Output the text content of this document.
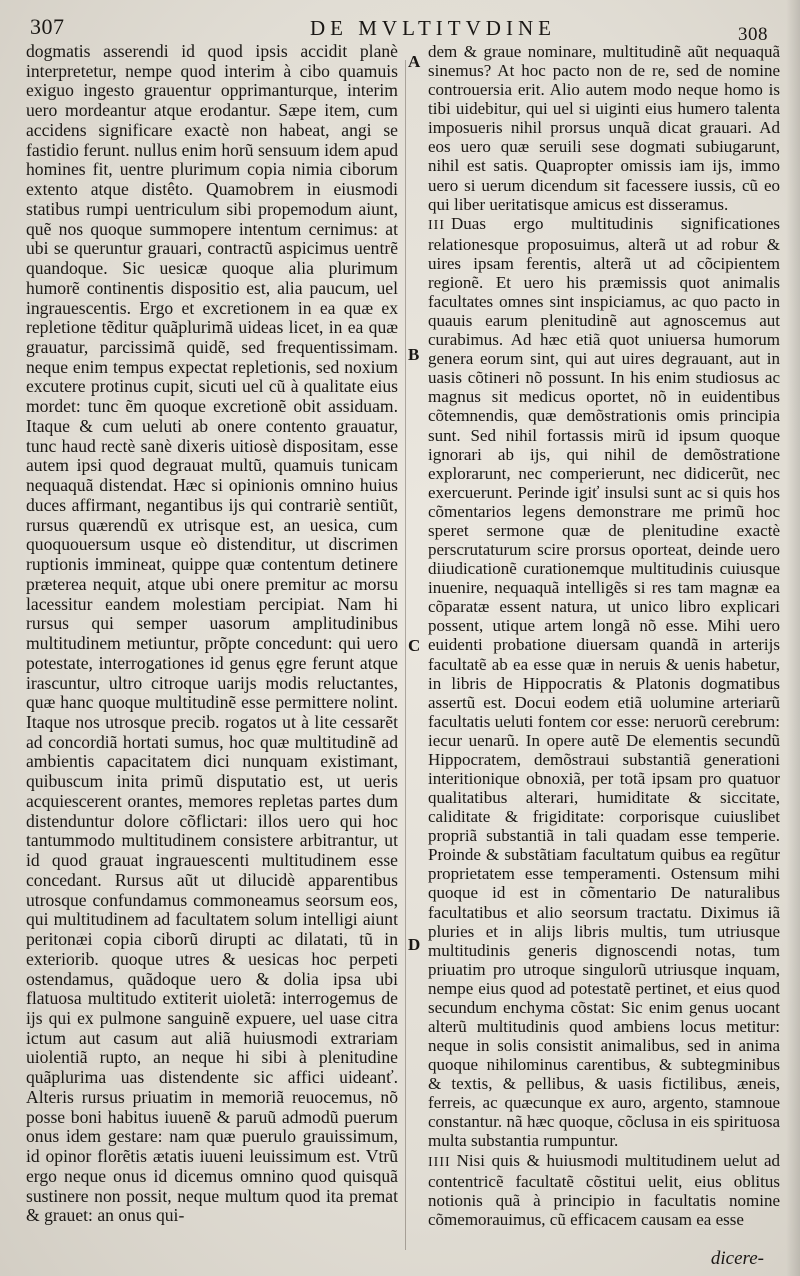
307	DE MVLTITVDINE	308

dogmatis asserendi id quod ipsis accidit planè interpretetur, nempe quod interim à cibo quamuis exiguo ingesto grauentur opprimanturque, interim uero mordeantur atque erodantur. Sæpe item, cum accidens significare exactè non habeat, angi se fastidio ferunt. nullus enim horũ sensuum idem apud homines fit, uentre plurimum copia nimia ciborum extento atque distêto. Quamobrem in eiusmodi statibus rumpi uentriculum sibi propemodum aiunt, quẽ nos quoque summopere intentum cernimus: at ubi se queruntur grauari, contractũ aspicimus uentrẽ quandoque. Sic uesicæ quoque alia plurimum humorẽ continentis dispositio est, alia paucum, uel ingrauescentis. Ergo et excretionem in ea quæ ex repletione tẽditur quãplurimã uideas licet, in ea quæ grauatur, parcissimã quidẽ, sed frequentissimam. neque enim tempus expectat repletionis, sed noxium excutere protinus cupit, sicuti uel cũ à qualitate eius mordet: tunc ẽm quoque excretionẽ obit assiduam. Itaque & cum ueluti ab onere contento grauatur, tunc haud rectè sanè dixeris uitiosè dispositam, esse autem ipsi quod degrauat multũ, quamuis tunicam nequaquã distendat. Hæc si opinionis omnino huius duces affirmant, negantibus ijs qui contrariè sentiũt, rursus quærendũ ex utrisque est, an uesica, cum quoquouersum usque eò distenditur, ut discrimen ruptionis immineat, quippe quæ contentum detinere præterea nequit, atque ubi onere premitur ac morsu lacessitur eandem molestiam percipiat. Nam hi rursus qui semper uasorum amplitudinibus multitudinem metiuntur, prõpte concedunt: qui uero potestate, interrogationes id genus ęgre ferunt atque irascuntur, ultro citroque uarijs modis reluctantes, quæ hanc quoque multitudinẽ esse permittere nolint. Itaque nos utrosque precib. rogatos ut à lite cessarẽt ad concordiã hortati sumus, hoc quæ multitudinẽ ad ambientis capacitatem dici nunquam existimant, quibuscum inita primũ disputatio est, ut ueris acquiescerent orantes, memores repletas partes dum distenduntur dolore cõflictari: illos uero qui hoc tantummodo multitudinem consistere arbitrantur, ut id quod grauat ingrauescenti multitudinem esse concedant. Rursus aũt ut dilucidè apparentibus utrosque confundamus commoneamus seorsum eos, qui multitudinem ad facultatem solum intelligi aiunt peritonæi copia ciborũ dirupti ac dilatati, tũ in exteriorib. quoque utres & uesicas hoc perpeti ostendamus, quãdoque uero & dolia ipsa ubi flatuosa multitudo extiterit uioletã: interrogemus de ijs qui ex pulmone sanguinẽ expuere, uel uase citra ictum aut casum aut aliã huiusmodi extrariam uiolentiã rupto, an neque hi sibi à plenitudine quãplurima uas distendente sic affici uideanť. Alteris rursus priuatim in memoriã reuocemus, nõ posse boni habitus iuuenẽ & paruũ admodũ puerum onus idem gestare: nam quæ puerulo grauissimum, id opinor florẽtis ætatis iuueni leuissimum est. Vtrũ ergo neque onus id dicemus omnino quod quisquã sustinere non possit, neque multum quod ita premat & grauet: an onus qui-

A
B
C
D

dem & graue nominare, multitudinẽ aũt nequaquã sinemus? At hoc pacto non de re, sed de nomine controuersia erit. Alio autem modo neque homo is tibi uidebitur, qui uel si uiginti eius humero talenta imposueris nihil prorsus unquã dicat grauari. Ad eos uero quæ seruili sese dogmati subiugarunt, nihil est satis. Quapropter omissis iam ijs, immo uero si uerum dicendum sit facessere iussis, cũ eo qui liber ueritatisque amicus est disseramus.

III Duas ergo multitudinis significationes relationesque proposuimus, alterã ut ad robur & uires ipsam ferentis, alterã ut ad cõcipientem regionẽ. Et uero his præmissis quot animalis facultates omnes sint inspiciamus, ac quo pacto in quauis earum plenitudinẽ aut agnoscemus aut curabimus. Ad hæc etiã quot uniuersa humorum genera eorum sint, qui aut uires degrauant, aut in uasis cõtineri nõ possunt. In his enim studiosus ac magnus sit medicus oportet, nõ in euidentibus cõtemnendis, quæ demõstrationis omis principia sunt. Sed nihil fortassis mirũ id ipsum quoque ignorari ab ijs, qui nihil de demõstratione explorarunt, nec comperierunt, nec didicerũt, nec exercuerunt. Perinde igiť insulsi sunt ac si quis hos cõmentarios legens demonstrare me primũ hoc speret sermone quæ de plenitudine exactè perscrutaturum scire prorsus oporteat, deinde uero diiudicationẽ curationemque multitudinis cuiusque inuenire, nequaquã intelligẽs si res tam magnæ ea cõparatæ essent natura, ut unico libro explicari possent, utique artem longã nõ esse. Mihi uero euidenti probatione diuersam quandã in arterijs facultatẽ ab ea esse quæ in neruis & uenis habetur, in libris de Hippocratis & Platonis dogmatibus assertũ est. Docui eodem etiã uolumine arteriarũ facultatis ueluti fontem cor esse: neruorũ cerebrum: iecur uenarũ. In opere autẽ De elementis secundũ Hippocratem, demõstraui substantiã generationi interitionique obnoxiã, per totã ipsam pro quatuor qualitatibus alterari, humiditate & siccitate, caliditate & frigiditate: corporisque cuiuslibet propriã substantiã in tali quadam esse temperie. Proinde & substãtiam facultatum quibus ea regũtur proprietatem esse temperamenti. Ostensum mihi quoque id est in cõmentario De naturalibus facultatibus et alio seorsum tractatu. Diximus iã pluries et in alijs libris multis, tum utriusque multitudinis generis dignoscendi notas, tum priuatim pro utroque singulorũ utriusque inquam, nempe eius quod ad potestatẽ pertinet, et eius quod secundum enchyma cõstat: Sic enim genus uocant alterũ multitudinis quod ambiens locus metitur: neque in solis consistit animalibus, sed in anima quoque nihilominus carentibus, & subtegminibus & textis, & pellibus, & uasis fictilibus, æneis, ferreis, ac quæcunque ex auro, argento, stamnoue constantur. nã hæc quoque, cõclusa in eis spirituosa multa substantia rumpuntur.

IIII Nisi quis & huiusmodi multitudinem uelut ad contentricẽ facultatẽ cõstitui uelit, eius oblitus notionis quã à principio in facultatis nomine cõmemorauimus, cũ efficacem causam ea esse

dicere-
